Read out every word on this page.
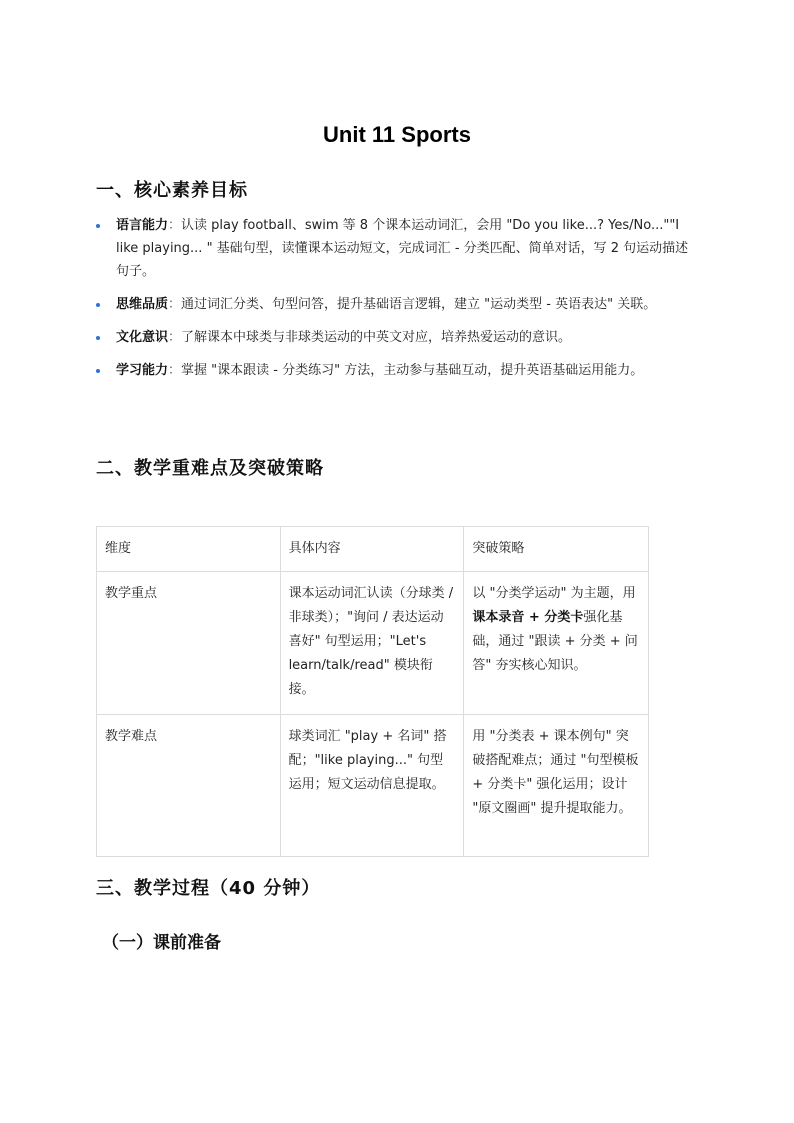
Unit 11 Sports
一、核心素养目标
语言能力：认读 play football、swim 等 8 个课本运动词汇，会用 "Do you like...? Yes/No...""I like playing... " 基础句型，读懂课本运动短文，完成词汇 - 分类匹配、简单对话，写 2 句运动描述句子。
思维品质：通过词汇分类、句型问答，提升基础语言逻辑，建立 "运动类型 - 英语表达" 关联。
文化意识：了解课本中球类与非球类运动的中英文对应，培养热爱运动的意识。
学习能力：掌握 "课本跟读 - 分类练习" 方法，主动参与基础互动，提升英语基础运用能力。
二、教学重难点及突破策略
维度	具体内容	突破策略
教学重点	课本运动词汇认读（分球类 / 非球类）；"询问 / 表达运动喜好" 句型运用；"Let's learn/talk/read" 模块衔接。	以 "分类学运动" 为主题，用课本录音 + 分类卡强化基础，通过 "跟读 + 分类 + 问答" 夯实核心知识。
教学难点	球类词汇 "play + 名词" 搭配；"like playing..." 句型运用；短文运动信息提取。	用 "分类表 + 课本例句" 突破搭配难点；通过 "句型模板 + 分类卡" 强化运用；设计 "原文圈画" 提升提取能力。
三、教学过程（40 分钟）
（一）课前准备
